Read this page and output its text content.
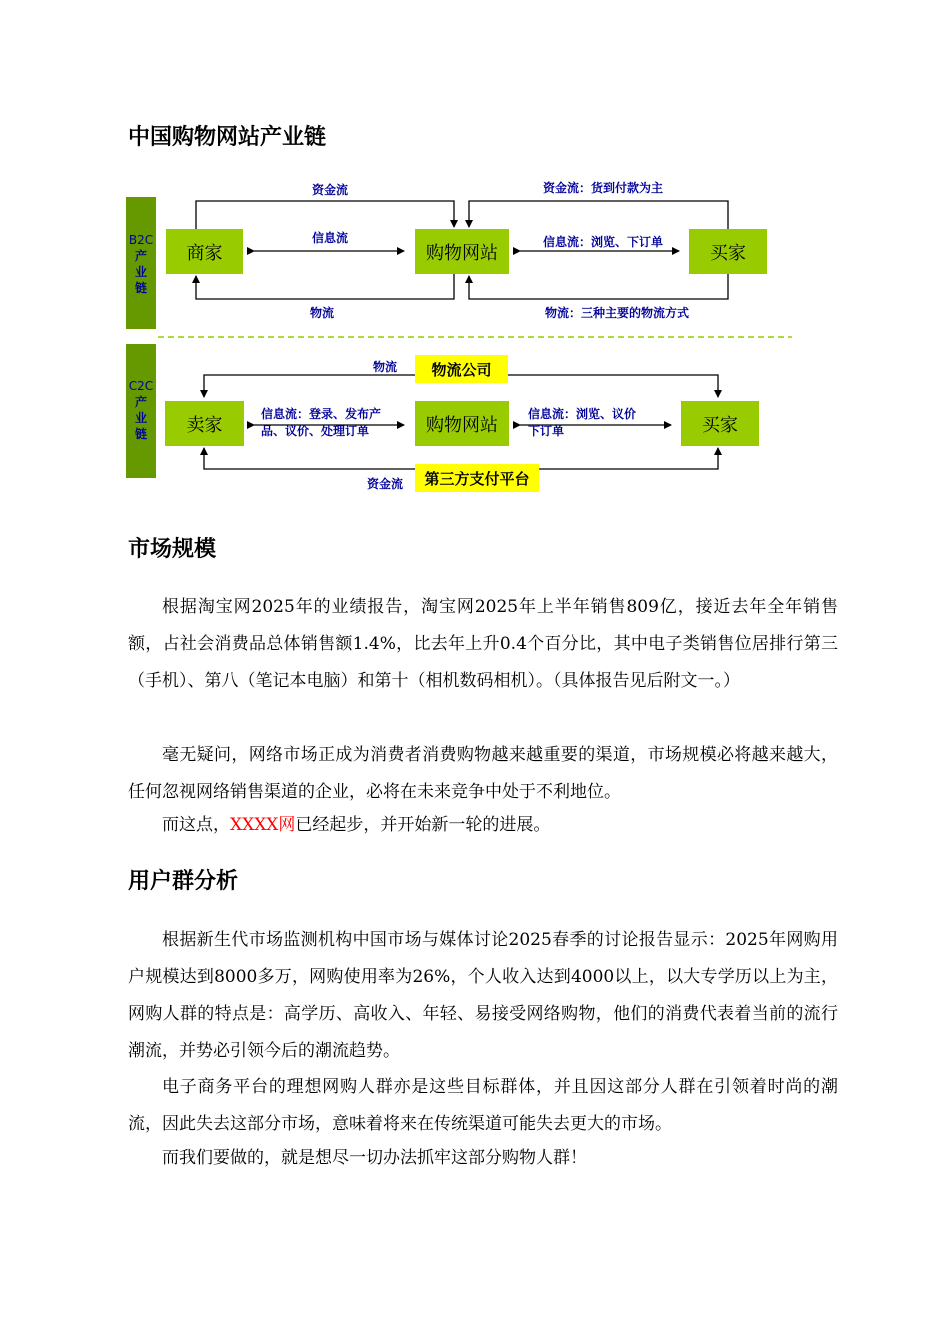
中国购物网站产业链
B2C
产
业
链
商家	购物网站	买家
资金流	资金流：货到付款为主
信息流	信息流：浏览、下订单
物流	物流：三种主要的物流方式
C2C
产
业
链 卖家	购物网站	买家
物流公司
第三方支付平台
物流
信息流：登录、发布产
品、议价、处理订单
信息流：浏览、议价
下订单
资金流
市场规模

根据淘宝网2025年的业绩报告，淘宝网2025年上半年销售809亿，接近去年全年销售额，占社会消费品总体销售额1.4%，比去年上升0.4个百分比，其中电子类销售位居排行第三（手机）、第八（笔记本电脑）和第十（相机数码相机）。（具体报告见后附文一。）

毫无疑问，网络市场正成为消费者消费购物越来越重要的渠道，市场规模必将越来越大，任何忽视网络销售渠道的企业，必将在未来竞争中处于不利地位。

而这点，XXXX网已经起步，并开始新一轮的进展。

用户群分析

根据新生代市场监测机构中国市场与媒体讨论2025春季的讨论报告显示：2025年网购用户规模达到8000多万，网购使用率为26%，个人收入达到4000以上，以大专学历以上为主，网购人群的特点是：高学历、高收入、年轻、易接受网络购物，他们的消费代表着当前的流行潮流，并势必引领今后的潮流趋势。

电子商务平台的理想网购人群亦是这些目标群体，并且因这部分人群在引领着时尚的潮流，因此失去这部分市场，意味着将来在传统渠道可能失去更大的市场。

而我们要做的，就是想尽一切办法抓牢这部分购物人群！
